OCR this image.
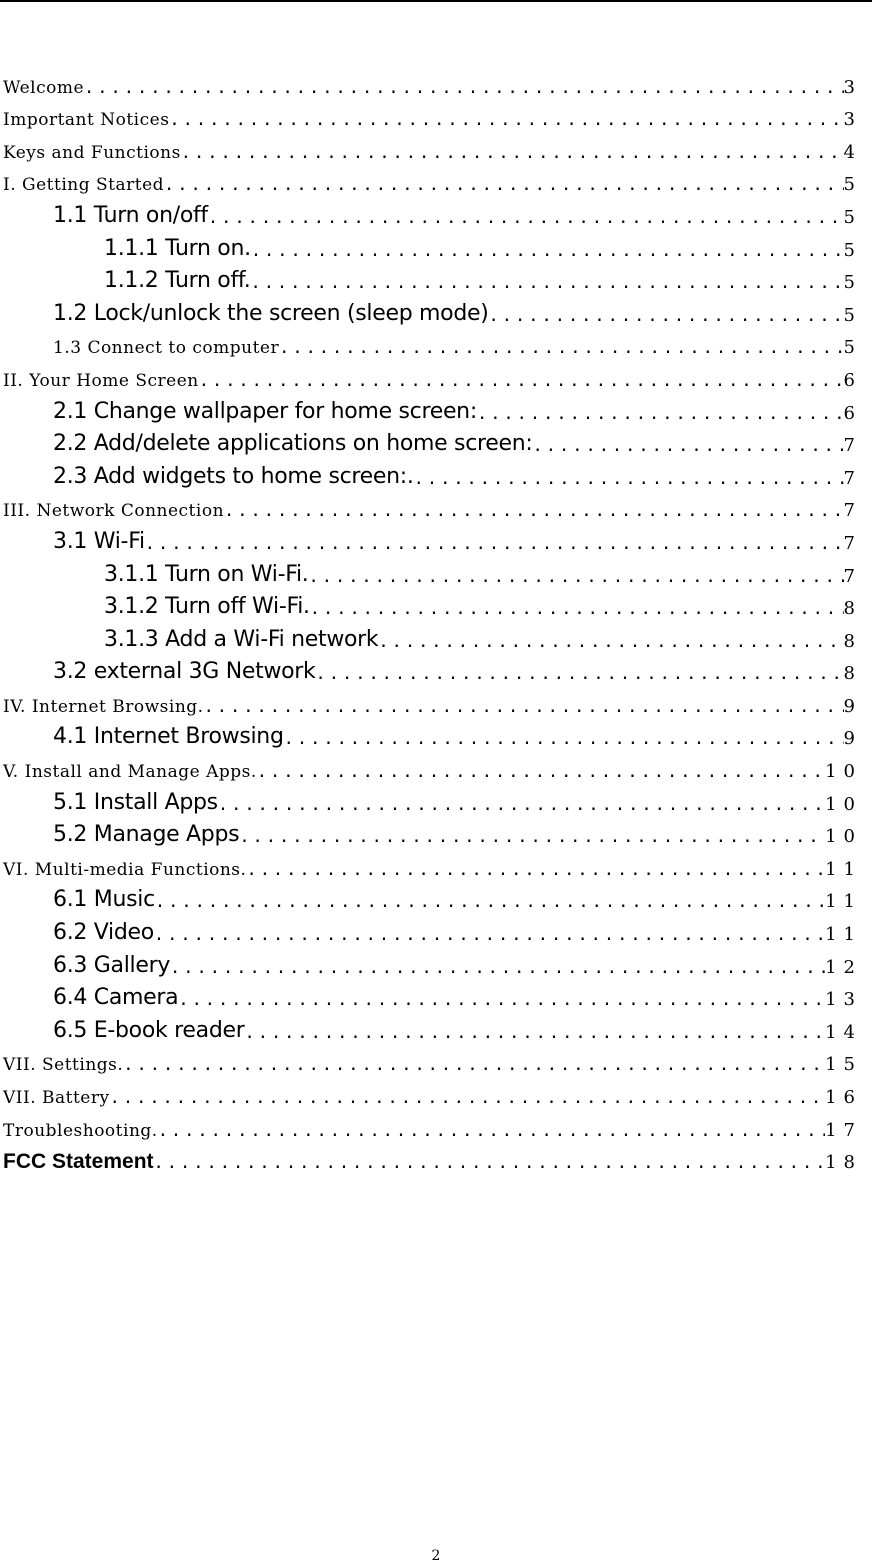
Welcome .....	3
Important Notices .....	3
Keys and Functions .....	4
I. Getting Started .....	5
1.1 Turn on/off .....	5
1.1.1 Turn on. .....	5
1.1.2 Turn off. .....	5
1.2 Lock/unlock the screen (sleep mode) .....	5
1.3 Connect to computer .....	5
II. Your Home Screen .....	6
2.1 Change wallpaper for home screen: .....	6
2.2 Add/delete applications on home screen: .....	7
2.3 Add widgets to home screen:. .....	7
III. Network Connection .....	7
3.1 Wi-Fi .....	7
3.1.1 Turn on Wi-Fi. .....	7
3.1.2 Turn off Wi-Fi. .....	8
3.1.3 Add a Wi-Fi network .....	8
3.2 external 3G Network .....	8
IV. Internet Browsing. .....	9
4.1 Internet Browsing .....	9
V. Install and Manage Apps. .....	10
5.1 Install Apps .....	10
5.2 Manage Apps .....	10
VI. Multi-media Functions. .....	11
6.1 Music .....	11
6.2 Video .....	11
6.3 Gallery .....	12
6.4 Camera .....	13
6.5 E-book reader .....	14
VII. Settings. .....	15
VII. Battery .....	16
Troubleshooting. .....	17
FCC Statement .....	18
2
